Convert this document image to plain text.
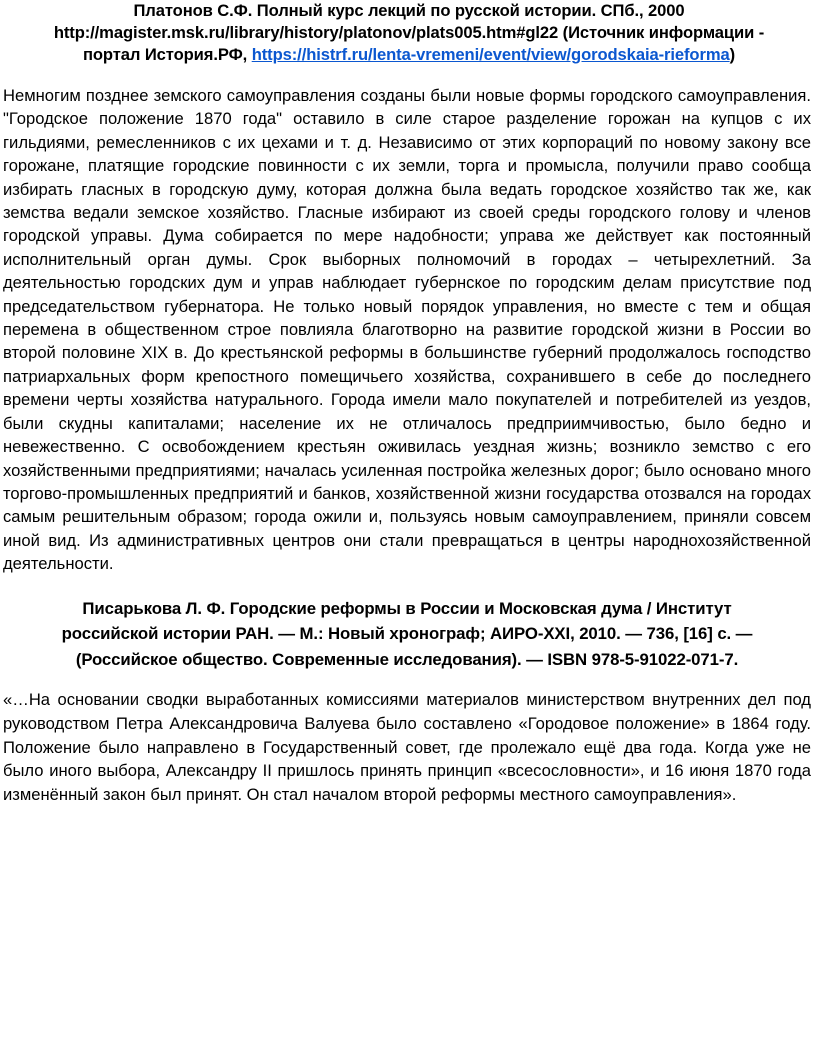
Платонов С.Ф. Полный курс лекций по русской истории. СПб., 2000
http://magister.msk.ru/library/history/platonov/plats005.htm#gl22 (Источник информации -
портал История.РФ, https://histrf.ru/lenta-vremeni/event/view/gorodskaia-rieforma)

Немногим позднее земского самоуправления созданы были новые формы городского самоуправления. "Городское положение 1870 года" оставило в силе старое разделение горожан на купцов с их гильдиями, ремесленников с их цехами и т. д. Независимо от этих корпораций по новому закону все горожане, платящие городские повинности с их земли, торга и промысла, получили право сообща избирать гласных в городскую думу, которая должна была ведать городское хозяйство так же, как земства ведали земское хозяйство. Гласные избирают из своей среды городского голову и членов городской управы. Дума собирается по мере надобности; управа же действует как постоянный исполнительный орган думы. Срок выборных полномочий в городах – четырехлетний. За деятельностью городских дум и управ наблюдает губернское по городским делам присутствие под председательством губернатора. Не только новый порядок управления, но вместе с тем и общая перемена в общественном строе повлияла благотворно на развитие городской жизни в России во второй половине XIX в. До крестьянской реформы в большинстве губерний продолжалось господство патриархальных форм крепостного помещичьего хозяйства, сохранившего в себе до последнего времени черты хозяйства натурального. Города имели мало покупателей и потребителей из уездов, были скудны капиталами; население их не отличалось предприимчивостью, было бедно и невежественно. С освобождением крестьян оживилась уездная жизнь; возникло земство с его хозяйственными предприятиями; началась усиленная постройка железных дорог; было основано много торгово-промышленных предприятий и банков, хозяйственной жизни государства отозвался на городах самым решительным образом; города ожили и, пользуясь новым самоуправлением, приняли совсем иной вид. Из административных центров они стали превращаться в центры народнохозяйственной деятельности.

Писарькова Л. Ф. Городские реформы в России и Московская дума / Институт
российской истории РАН. — М.: Новый хронограф; АИРО-XXI, 2010. — 736, [16] с. —
(Российское общество. Современные исследования). — ISBN 978-5-91022-071-7.

«…На основании сводки выработанных комиссиями материалов министерством внутренних дел под руководством Петра Александровича Валуева было составлено «Городовое положение» в 1864 году. Положение было направлено в Государственный совет, где пролежало ещё два года. Когда уже не было иного выбора, Александру II пришлось принять принцип «всесословности», и 16 июня 1870 года изменённый закон был принят. Он стал началом второй реформы местного самоуправления».
